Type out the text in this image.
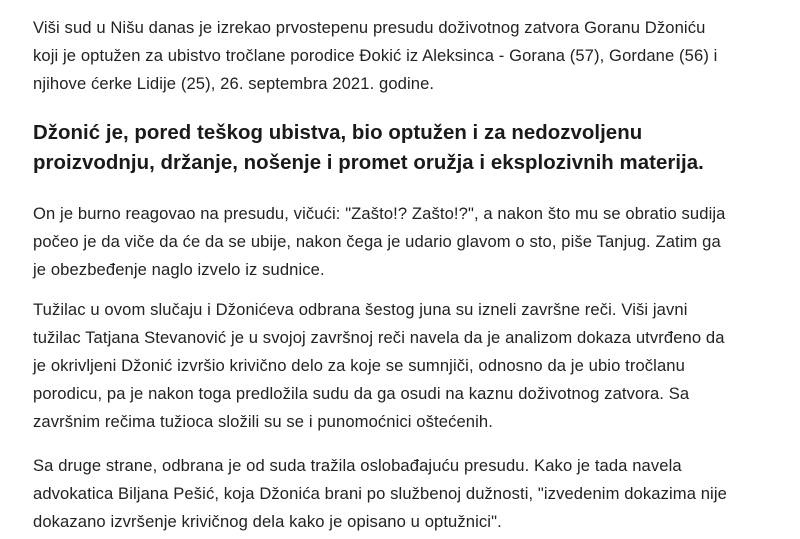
Viši sud u Nišu danas je izrekao prvostepenu presudu doživotnog zatvora Goranu Džoniću koji je optužen za ubistvo tročlane porodice Đokić iz Aleksinca - Gorana (57), Gordane (56) i njihove ćerke Lidije (25), 26. septembra 2021. godine.

Džonić je, pored teškog ubistva, bio optužen i za nedozvoljenu proizvodnju, držanje, nošenje i promet oružja i eksplozivnih materija.

On je burno reagovao na presudu, vičući: "Zašto!? Zašto!?", a nakon što mu se obratio sudija počeo je da viče da će da se ubije, nakon čega je udario glavom o sto, piše Tanjug. Zatim ga je obezbeđenje naglo izvelo iz sudnice.

Tužilac u ovom slučaju i Džonićeva odbrana šestog juna su izneli završne reči. Viši javni tužilac Tatjana Stevanović je u svojoj završnoj reči navela da je analizom dokaza utvrđeno da je okrivljeni Džonić izvršio krivično delo za koje se sumnjiči, odnosno da je ubio tročlanu porodicu, pa je nakon toga predložila sudu da ga osudi na kaznu doživotnog zatvora. Sa završnim rečima tužioca složili su se i punomoćnici oštećenih.

Sa druge strane, odbrana je od suda tražila oslobađajuću presudu. Kako je tada navela advokatica Biljana Pešić, koja Džonića brani po službenoj dužnosti, "izvedenim dokazima nije dokazano izvršenje krivičnog dela kako je opisano u optužnici".
